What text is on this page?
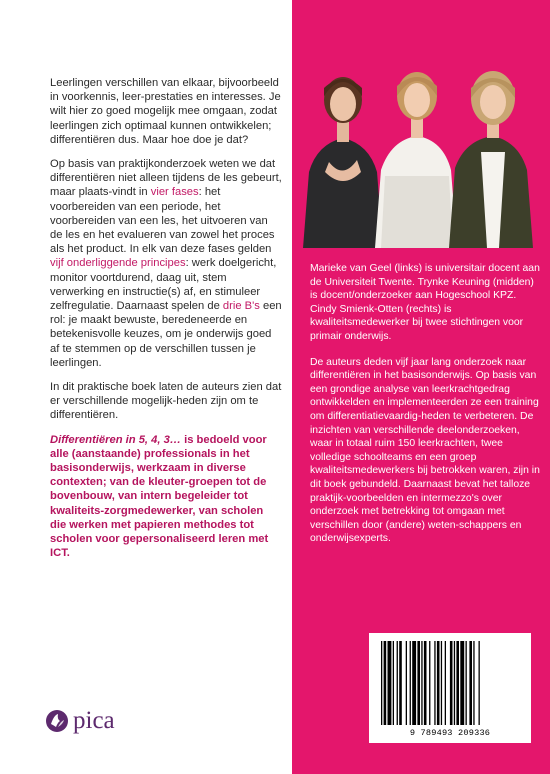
Leerlingen verschillen van elkaar, bijvoorbeeld in voorkennis, leer-prestaties en interesses. Je wilt hier zo goed mogelijk mee omgaan, zodat leerlingen zich optimaal kunnen ontwikkelen; differentiëren dus. Maar hoe doe je dat?

Op basis van praktijkonderzoek weten we dat differentiëren niet alleen tijdens de les gebeurt, maar plaats-vindt in vier fases: het voorbereiden van een periode, het voorbereiden van een les, het uitvoeren van de les en het evalueren van zowel het proces als het product. In elk van deze fases gelden vijf onderliggende principes: werk doelgericht, monitor voortdurend, daag uit, stem verwerking en instructie(s) af, en stimuleer zelfregulatie. Daarnaast spelen de drie B's een rol: je maakt bewuste, beredeneerde en betekenisvolle keuzes, om je onderwijs goed af te stemmen op de verschillen tussen je leerlingen.

In dit praktische boek laten de auteurs zien dat er verschillende mogelijk-heden zijn om te differentiëren.

Differentiëren in 5, 4, 3… is bedoeld voor alle (aanstaande) professionals in het basisonderwijs, werkzaam in diverse contexten; van de kleuter-groepen tot de bovenbouw, van intern begeleider tot kwaliteits-zorgmedewerker, van scholen die werken met papieren methodes tot scholen voor gepersonaliseerd leren met ICT.

Marieke van Geel (links) is universitair docent aan de Universiteit Twente. Trynke Keuning (midden) is docent/onderzoeker aan Hogeschool KPZ. Cindy Smienk-Otten (rechts) is kwaliteitsmedewerker bij twee stichtingen voor primair onderwijs.

De auteurs deden vijf jaar lang onderzoek naar differentiëren in het basisonderwijs. Op basis van een grondige analyse van leerkrachtgedrag ontwikkelden en implementeerden ze een training om differentiatievaardig-heden te verbeteren. De inzichten van verschillende deelonderzoeken, waar in totaal ruim 150 leerkrachten, twee volledige schoolteams en een groep kwaliteitsmedewerkers bij betrokken waren, zijn in dit boek gebundeld. Daarnaast bevat het talloze praktijk-voorbeelden en intermezzo's over onderzoek met betrekking tot omgaan met verschillen door (andere) weten-schappers en onderwijsexperts.

pica	9 789493 209336
